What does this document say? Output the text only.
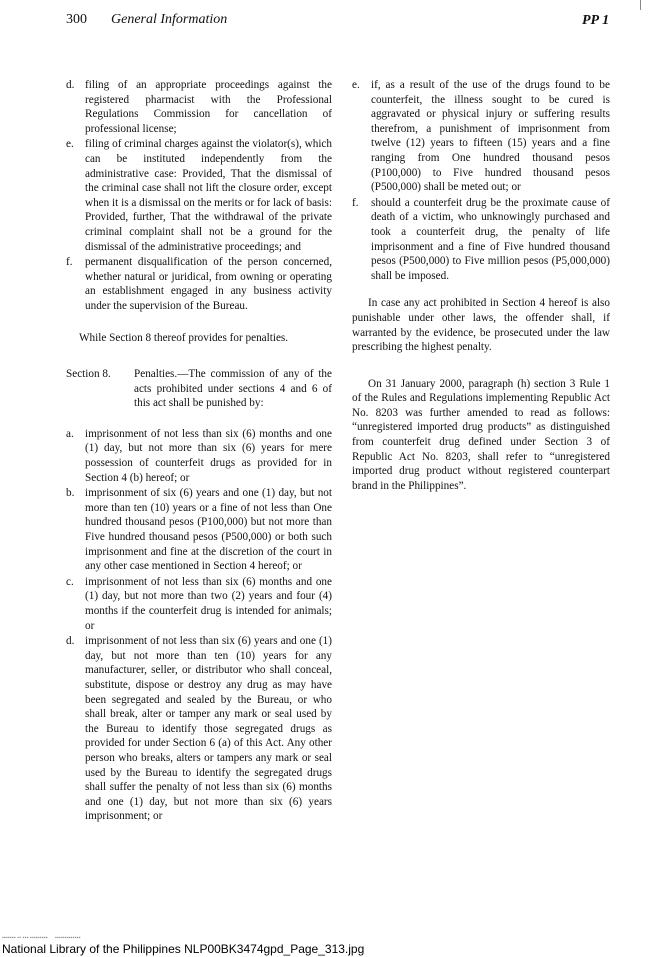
300 General Information	PP 1
d. filing of an appropriate proceedings against the registered pharmacist with the Professional Regulations Commission for cancellation of professional license;
e. filing of criminal charges against the violator(s), which can be instituted independently from the administrative case: Provided, That the dismissal of the criminal case shall not lift the closure order, except when it is a dismissal on the merits or for lack of basis: Provided, further, That the withdrawal of the private criminal complaint shall not be a ground for the dismissal of the administrative proceedings; and
f. permanent disqualification of the person concerned, whether natural or juridical, from owning or operating an establishment engaged in any business activity under the supervision of the Bureau.

While Section 8 thereof provides for penalties.

Section 8. Penalties.—The commission of any of the acts prohibited under sections 4 and 6 of this act shall be punished by:
a. imprisonment of not less than six (6) months and one (1) day, but not more than six (6) years for mere possession of counterfeit drugs as provided for in Section 4 (b) hereof; or
b. imprisonment of six (6) years and one (1) day, but not more than ten (10) years or a fine of not less than One hundred thousand pesos (P100,000) but not more than Five hundred thousand pesos (P500,000) or both such imprisonment and fine at the discretion of the court in any other case mentioned in Section 4 hereof; or
c. imprisonment of not less than six (6) months and one (1) day, but not more than two (2) years and four (4) months if the counterfeit drug is intended for animals; or
d. imprisonment of not less than six (6) years and one (1) day, but not more than ten (10) years for any manufacturer, seller, or distributor who shall conceal, substitute, dispose or destroy any drug as may have been segregated and sealed by the Bureau, or who shall break, alter or tamper any mark or seal used by the Bureau to identify those segregated drugs as provided for under Section 6 (a) of this Act. Any other person who breaks, alters or tampers any mark or seal used by the Bureau to identify the segregated drugs shall suffer the penalty of not less than six (6) months and one (1) day, but not more than six (6) years imprisonment; or
e. if, as a result of the use of the drugs found to be counterfeit, the illness sought to be cured is aggravated or physical injury or suffering results therefrom, a punishment of imprisonment from twelve (12) years to fifteen (15) years and a fine ranging from One hundred thousand pesos (P100,000) to Five hundred thousand pesos (P500,000) shall be meted out; or
f. should a counterfeit drug be the proximate cause of death of a victim, who unknowingly purchased and took a counterfeit drug, the penalty of life imprisonment and a fine of Five hundred thousand pesos (P500,000) to Five million pesos (P5,000,000) shall be imposed.

In case any act prohibited in Section 4 hereof is also punishable under other laws, the offender shall, if warranted by the evidence, be prosecuted under the law prescribing the highest penalty.

On 31 January 2000, paragraph (h) section 3 Rule 1 of the Rules and Regulations implementing Republic Act No. 8203 was further amended to read as follows: “unregistered imported drug products” as distinguished from counterfeit drug defined under Section 3 of Republic Act No. 8203, shall refer to “unregistered imported drug product without registered counterpart brand in the Philippines”.

▪▪▪▪▪▪▪ ▪▪ ▪▪▪ ▪▪▪▪▪▪▪▪▪     ▪▪▪▪▪▪▪▪▪▪▪▪▪
National Library of the Philippines NLP00BK3474gpd_Page_313.jpg
